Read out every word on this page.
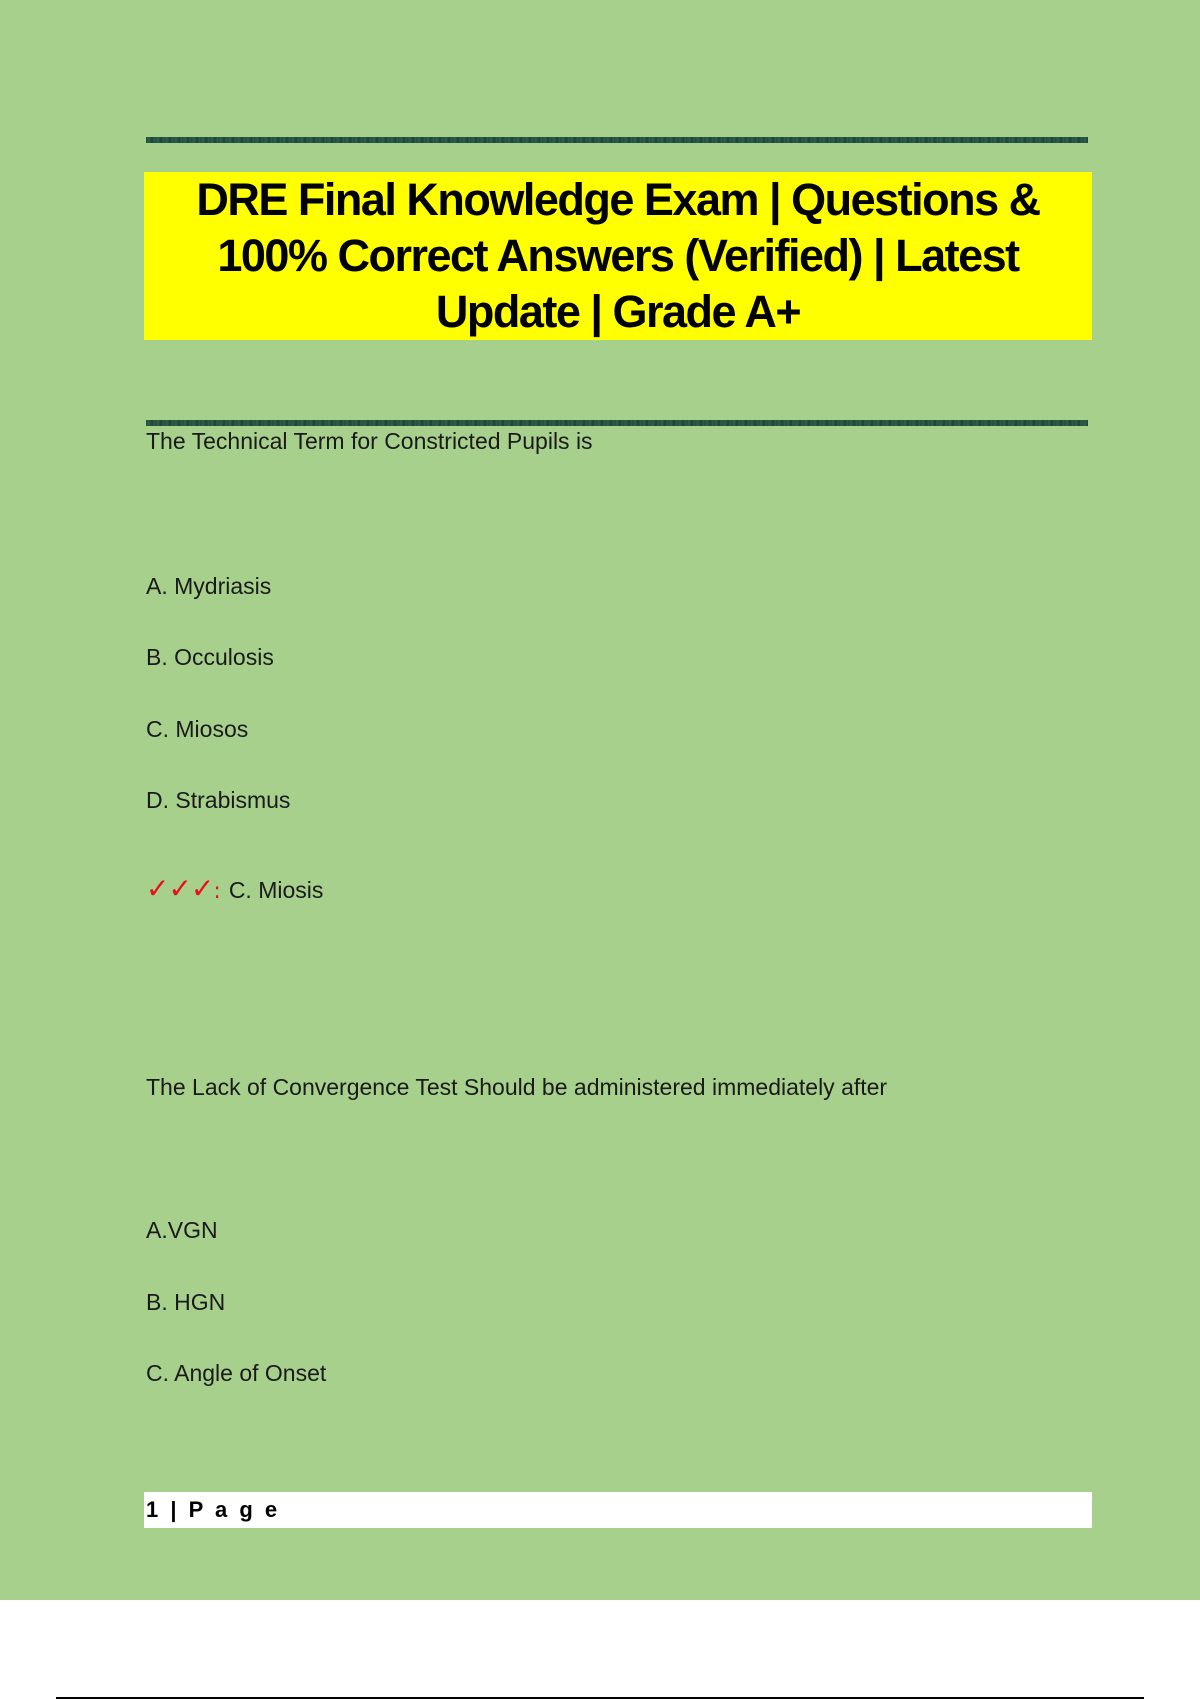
DRE Final Knowledge Exam | Questions & 100% Correct Answers (Verified) | Latest Update | Grade A+
The Technical Term for Constricted Pupils is
A. Mydriasis
B. Occulosis
C. Miosos
D. Strabismus
✓✓✓: C. Miosis
The Lack of Convergence Test Should be administered immediately after
A.VGN
B. HGN
C. Angle of Onset
1 | P a g e
